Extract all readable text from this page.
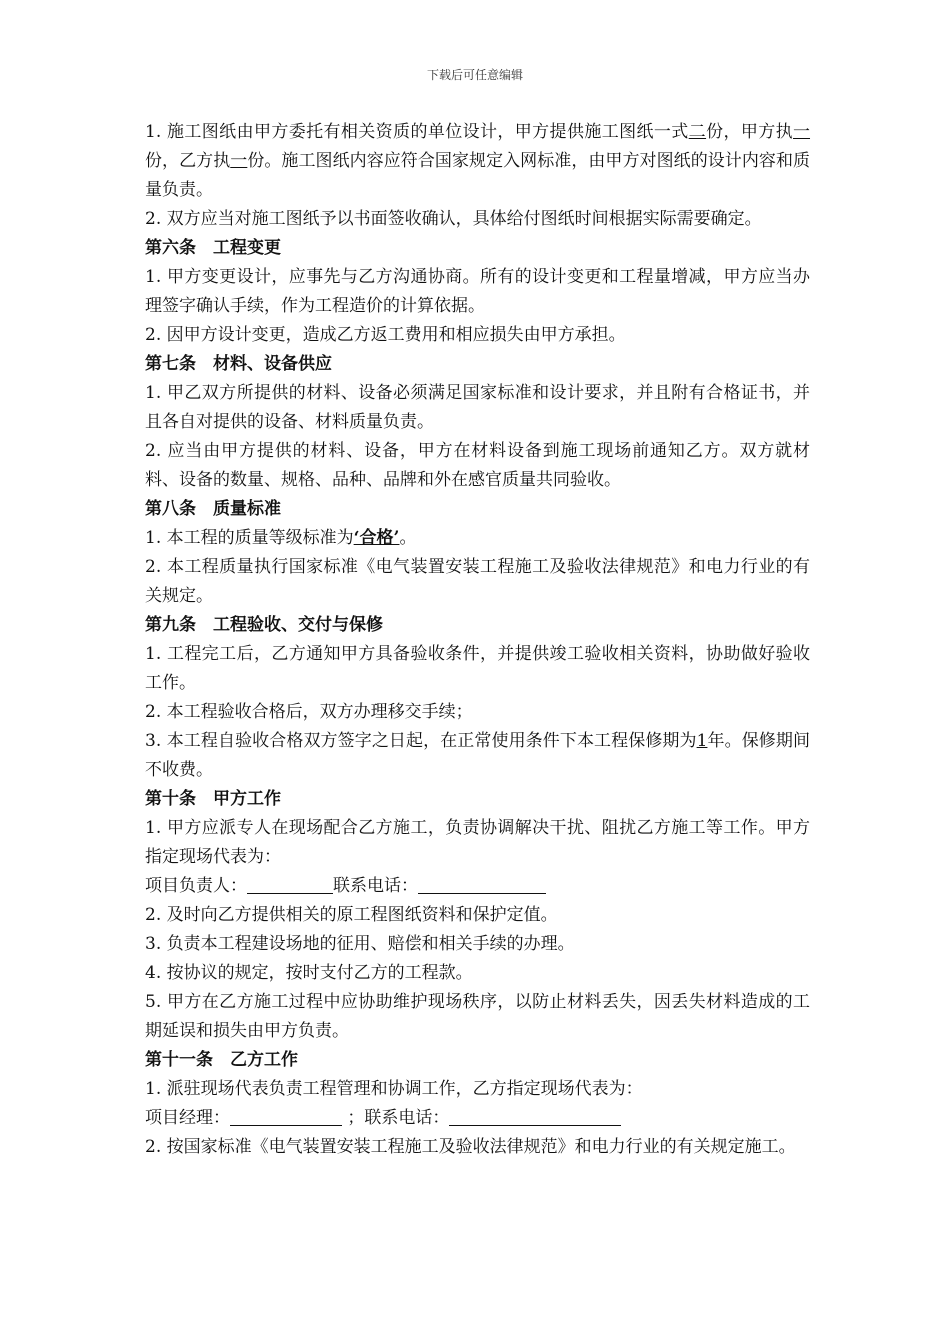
下载后可任意编辑

1. 施工图纸由甲方委托有相关资质的单位设计，甲方提供施工图纸一式二份，甲方执一份，乙方执一份。施工图纸内容应符合国家规定入网标准，由甲方对图纸的设计内容和质量负责。

2. 双方应当对施工图纸予以书面签收确认，具体给付图纸时间根据实际需要确定。

第六条　工程变更

1. 甲方变更设计，应事先与乙方沟通协商。所有的设计变更和工程量增减，甲方应当办理签字确认手续，作为工程造价的计算依据。

2. 因甲方设计变更，造成乙方返工费用和相应损失由甲方承担。

第七条　材料、设备供应

1. 甲乙双方所提供的材料、设备必须满足国家标准和设计要求，并且附有合格证书，并且各自对提供的设备、材料质量负责。

2. 应当由甲方提供的材料、设备，甲方在材料设备到施工现场前通知乙方。双方就材料、设备的数量、规格、品种、品牌和外在感官质量共同验收。

第八条　质量标准

1. 本工程的质量等级标准为‘合格’。

2. 本工程质量执行国家标准《电气装置安装工程施工及验收法律规范》和电力行业的有关规定。

第九条　工程验收、交付与保修

1. 工程完工后，乙方通知甲方具备验收条件，并提供竣工验收相关资料，协助做好验收工作。

2. 本工程验收合格后，双方办理移交手续；

3. 本工程自验收合格双方签字之日起，在正常使用条件下本工程保修期为1年。保修期间不收费。

第十条　甲方工作

1. 甲方应派专人在现场配合乙方施工，负责协调解决干扰、阻扰乙方施工等工作。甲方指定现场代表为：

项目负责人：	联系电话：

2. 及时向乙方提供相关的原工程图纸资料和保护定值。

3. 负责本工程建设场地的征用、赔偿和相关手续的办理。

4. 按协议的规定，按时支付乙方的工程款。

5. 甲方在乙方施工过程中应协助维护现场秩序，以防止材料丢失，因丢失材料造成的工期延误和损失由甲方负责。

第十一条　乙方工作

1. 派驻现场代表负责工程管理和协调工作，乙方指定现场代表为：

项目经理：	；联系电话：

2. 按国家标准《电气装置安装工程施工及验收法律规范》和电力行业的有关规定施工。
